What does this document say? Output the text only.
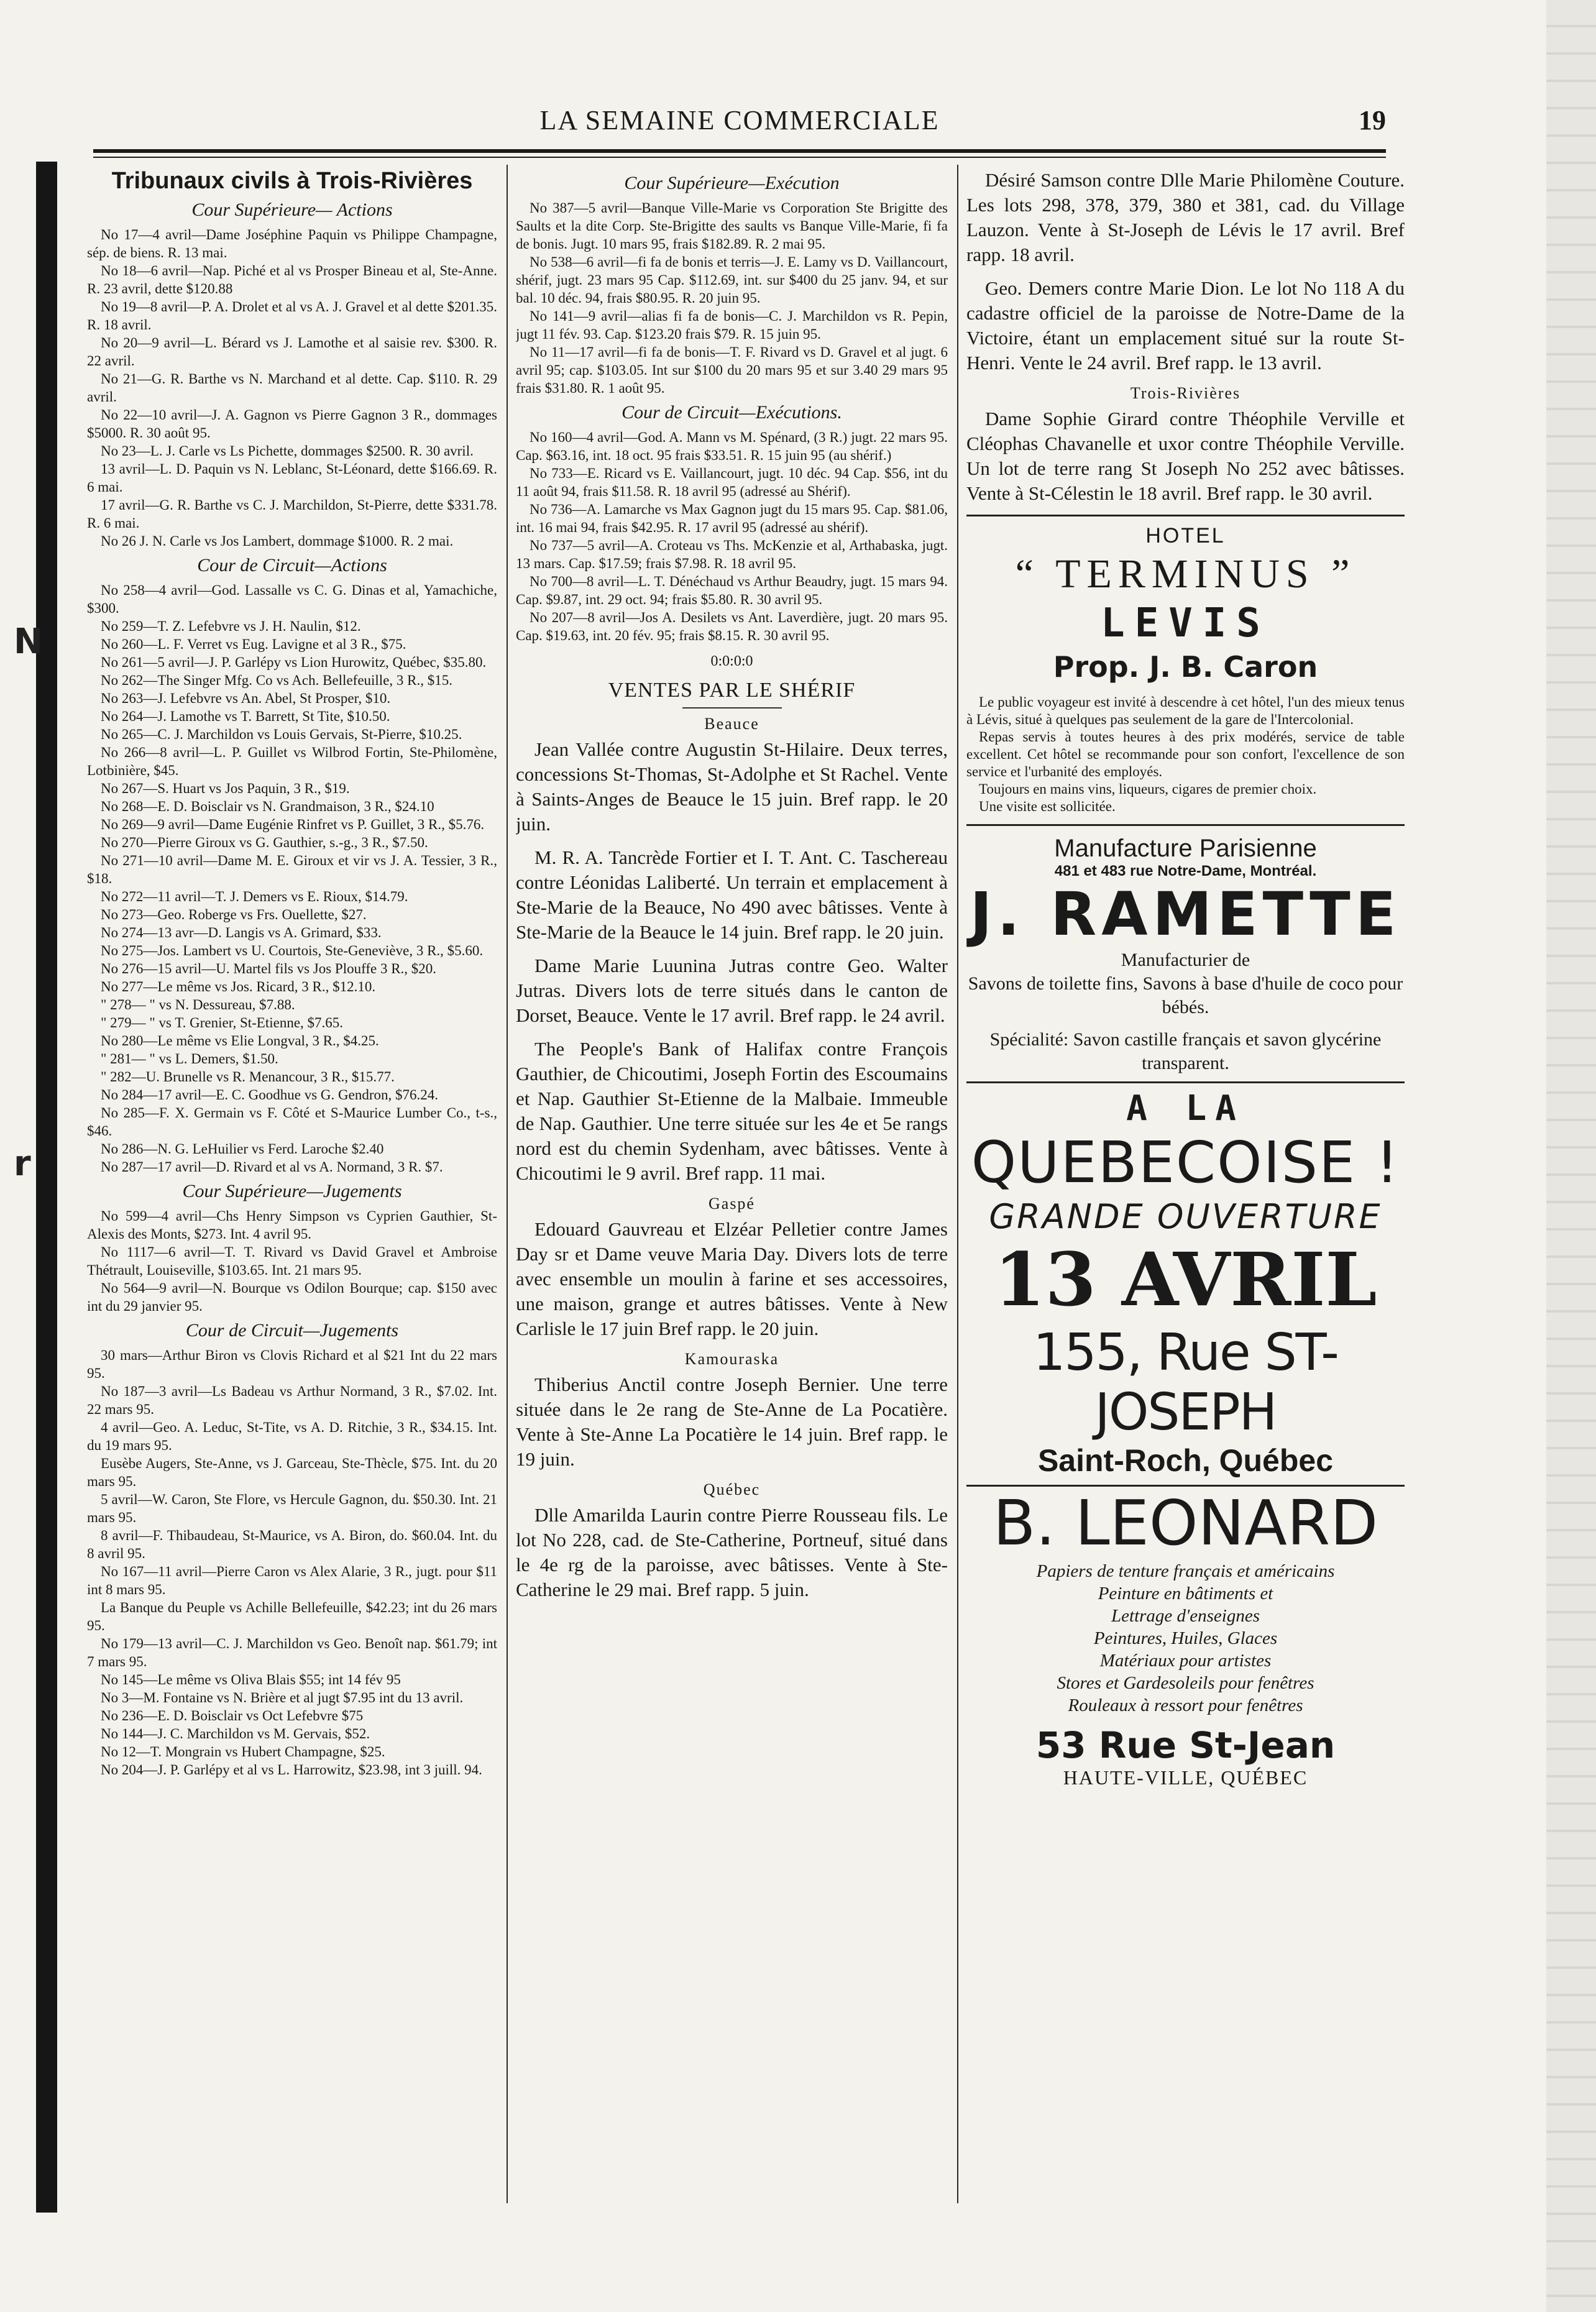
N
r
LA SEMAINE COMMERCIALE	19
Tribunaux civils à Trois-Rivières
Cour Supérieure— Actions
No 17—4 avril—Dame Joséphine Paquin vs Philippe Champagne, sép. de biens. R. 13 mai.
No 18—6 avril—Nap. Piché et al vs Prosper Bineau et al, Ste-Anne. R. 23 avril, dette $120.88
No 19—8 avril—P. A. Drolet et al vs A. J. Gravel et al dette $201.35. R. 18 avril.
No 20—9 avril—L. Bérard vs J. Lamothe et al saisie rev. $300. R. 22 avril.
No 21—G. R. Barthe vs N. Marchand et al dette. Cap. $110. R. 29 avril.
No 22—10 avril—J. A. Gagnon vs Pierre Gagnon 3 R., dommages $5000. R. 30 août 95.
No 23—L. J. Carle vs Ls Pichette, dommages $2500. R. 30 avril.
13 avril—L. D. Paquin vs N. Leblanc, St-Léonard, dette $166.69. R. 6 mai.
17 avril—G. R. Barthe vs C. J. Marchildon, St-Pierre, dette $331.78. R. 6 mai.
No 26 J. N. Carle vs Jos Lambert, dommage $1000. R. 2 mai.
Cour de Circuit—Actions
No 258—4 avril—God. Lassalle vs C. G. Dinas et al, Yamachiche, $300.
No 259—T. Z. Lefebvre vs J. H. Naulin, $12.
No 260—L. F. Verret vs Eug. Lavigne et al 3 R., $75.
No 261—5 avril—J. P. Garlépy vs Lion Hurowitz, Québec, $35.80.
No 262—The Singer Mfg. Co vs Ach. Bellefeuille, 3 R., $15.
No 263—J. Lefebvre vs An. Abel, St Prosper, $10.
No 264—J. Lamothe vs T. Barrett, St Tite, $10.50.
No 265—C. J. Marchildon vs Louis Gervais, St-Pierre, $10.25.
No 266—8 avril—L. P. Guillet vs Wilbrod Fortin, Ste-Philomène, Lotbinière, $45.
No 267—S. Huart vs Jos Paquin, 3 R., $19.
No 268—E. D. Boisclair vs N. Grandmaison, 3 R., $24.10
No 269—9 avril—Dame Eugénie Rinfret vs P. Guillet, 3 R., $5.76.
No 270—Pierre Giroux vs G. Gauthier, s.-g., 3 R., $7.50.
No 271—10 avril—Dame M. E. Giroux et vir vs J. A. Tessier, 3 R., $18.
No 272—11 avril—T. J. Demers vs E. Rioux, $14.79.
No 273—Geo. Roberge vs Frs. Ouellette, $27.
No 274—13 avr—D. Langis vs A. Grimard, $33.
No 275—Jos. Lambert vs U. Courtois, Ste-Geneviève, 3 R., $5.60.
No 276—15 avril—U. Martel fils vs Jos Plouffe 3 R., $20.
No 277—Le même vs Jos. Ricard, 3 R., $12.10.
" 278— " vs N. Dessureau, $7.88.
" 279— " vs T. Grenier, St-Etienne, $7.65.
No 280—Le même vs Elie Longval, 3 R., $4.25.
" 281— " vs L. Demers, $1.50.
" 282—U. Brunelle vs R. Menancour, 3 R., $15.77.
No 284—17 avril—E. C. Goodhue vs G. Gendron, $76.24.
No 285—F. X. Germain vs F. Côté et S-Maurice Lumber Co., t-s., $46.
No 286—N. G. LeHuilier vs Ferd. Laroche $2.40
No 287—17 avril—D. Rivard et al vs A. Normand, 3 R. $7.
Cour Supérieure—Jugements
No 599—4 avril—Chs Henry Simpson vs Cyprien Gauthier, St-Alexis des Monts, $273. Int. 4 avril 95.
No 1117—6 avril—T. T. Rivard vs David Gravel et Ambroise Thétrault, Louiseville, $103.65. Int. 21 mars 95.
No 564—9 avril—N. Bourque vs Odilon Bourque; cap. $150 avec int du 29 janvier 95.
Cour de Circuit—Jugements
30 mars—Arthur Biron vs Clovis Richard et al $21 Int du 22 mars 95.
No 187—3 avril—Ls Badeau vs Arthur Normand, 3 R., $7.02. Int. 22 mars 95.
4 avril—Geo. A. Leduc, St-Tite, vs A. D. Ritchie, 3 R., $34.15. Int. du 19 mars 95.
Eusèbe Augers, Ste-Anne, vs J. Garceau, Ste-Thècle, $75. Int. du 20 mars 95.
5 avril—W. Caron, Ste Flore, vs Hercule Gagnon, du. $50.30. Int. 21 mars 95.
8 avril—F. Thibaudeau, St-Maurice, vs A. Biron, do. $60.04. Int. du 8 avril 95.
No 167—11 avril—Pierre Caron vs Alex Alarie, 3 R., jugt. pour $11 int 8 mars 95.
La Banque du Peuple vs Achille Bellefeuille, $42.23; int du 26 mars 95.
No 179—13 avril—C. J. Marchildon vs Geo. Benoît nap. $61.79; int 7 mars 95.
No 145—Le même vs Oliva Blais $55; int 14 fév 95
No 3—M. Fontaine vs N. Brière et al jugt $7.95 int du 13 avril.
No 236—E. D. Boisclair vs Oct Lefebvre $75
No 144—J. C. Marchildon vs M. Gervais, $52.
No 12—T. Mongrain vs Hubert Champagne, $25.
No 204—J. P. Garlépy et al vs L. Harrowitz, $23.98, int 3 juill. 94.
Cour Supérieure—Exécution
No 387—5 avril—Banque Ville-Marie vs Corporation Ste Brigitte des Saults et la dite Corp. Ste-Brigitte des saults vs Banque Ville-Marie, fi fa de bonis. Jugt. 10 mars 95, frais $182.89. R. 2 mai 95.
No 538—6 avril—fi fa de bonis et terris—J. E. Lamy vs D. Vaillancourt, shérif, jugt. 23 mars 95 Cap. $112.69, int. sur $400 du 25 janv. 94, et sur bal. 10 déc. 94, frais $80.95. R. 20 juin 95.
No 141—9 avril—alias fi fa de bonis—C. J. Marchildon vs R. Pepin, jugt 11 fév. 93. Cap. $123.20 frais $79. R. 15 juin 95.
No 11—17 avril—fi fa de bonis—T. F. Rivard vs D. Gravel et al jugt. 6 avril 95; cap. $103.05. Int sur $100 du 20 mars 95 et sur 3.40 29 mars 95 frais $31.80. R. 1 août 95.
Cour de Circuit—Exécutions.
No 160—4 avril—God. A. Mann vs M. Spénard, (3 R.) jugt. 22 mars 95. Cap. $63.16, int. 18 oct. 95 frais $33.51. R. 15 juin 95 (au shérif.)
No 733—E. Ricard vs E. Vaillancourt, jugt. 10 déc. 94 Cap. $56, int du 11 août 94, frais $11.58. R. 18 avril 95 (adressé au Shérif).
No 736—A. Lamarche vs Max Gagnon jugt du 15 mars 95. Cap. $81.06, int. 16 mai 94, frais $42.95. R. 17 avril 95 (adressé au shérif).
No 737—5 avril—A. Croteau vs Ths. McKenzie et al, Arthabaska, jugt. 13 mars. Cap. $17.59; frais $7.98. R. 18 avril 95.
No 700—8 avril—L. T. Dénéchaud vs Arthur Beaudry, jugt. 15 mars 94. Cap. $9.87, int. 29 oct. 94; frais $5.80. R. 30 avril 95.
No 207—8 avril—Jos A. Desilets vs Ant. Laverdière, jugt. 20 mars 95. Cap. $19.63, int. 20 fév. 95; frais $8.15. R. 30 avril 95.
0:0:0:0
VENTES PAR LE SHÉRIF
Beauce

Jean Vallée contre Augustin St-Hilaire. Deux terres, concessions St-Thomas, St-Adolphe et St Rachel. Vente à Saints-Anges de Beauce le 15 juin. Bref rapp. le 20 juin.

M. R. A. Tancrède Fortier et I. T. Ant. C. Taschereau contre Léonidas Laliberté. Un terrain et emplacement à Ste-Marie de la Beauce, No 490 avec bâtisses. Vente à Ste-Marie de la Beauce le 14 juin. Bref rapp. le 20 juin.

Dame Marie Luunina Jutras contre Geo. Walter Jutras. Divers lots de terre situés dans le canton de Dorset, Beauce. Vente le 17 avril. Bref rapp. le 24 avril.

The People's Bank of Halifax contre François Gauthier, de Chicoutimi, Joseph Fortin des Escoumains et Nap. Gauthier St-Etienne de la Malbaie. Immeuble de Nap. Gauthier. Une terre située sur les 4e et 5e rangs nord est du chemin Sydenham, avec bâtisses. Vente à Chicoutimi le 9 avril. Bref rapp. 11 mai.

Gaspé

Edouard Gauvreau et Elzéar Pelletier contre James Day sr et Dame veuve Maria Day. Divers lots de terre avec ensemble un moulin à farine et ses accessoires, une maison, grange et autres bâtisses. Vente à New Carlisle le 17 juin Bref rapp. le 20 juin.

Kamouraska

Thiberius Anctil contre Joseph Bernier. Une terre située dans le 2e rang de Ste-Anne de La Pocatière. Vente à Ste-Anne La Pocatière le 14 juin. Bref rapp. le 19 juin.

Québec

Dlle Amarilda Laurin contre Pierre Rousseau fils. Le lot No 228, cad. de Ste-Catherine, Portneuf, situé dans le 4e rg de la paroisse, avec bâtisses. Vente à Ste-Catherine le 29 mai. Bref rapp. 5 juin.

Désiré Samson contre Dlle Marie Philomène Couture. Les lots 298, 378, 379, 380 et 381, cad. du Village Lauzon. Vente à St-Joseph de Lévis le 17 avril. Bref rapp. 18 avril.

Geo. Demers contre Marie Dion. Le lot No 118 A du cadastre officiel de la paroisse de Notre-Dame de la Victoire, étant un emplacement situé sur la route St-Henri. Vente le 24 avril. Bref rapp. le 13 avril.

Trois-Rivières

Dame Sophie Girard contre Théophile Verville et Cléophas Chavanelle et uxor contre Théophile Verville. Un lot de terre rang St Joseph No 252 avec bâtisses. Vente à St-Célestin le 18 avril. Bref rapp. le 30 avril.

HOTEL
“ TERMINUS ”
LEVIS
Prop. J. B. Caron

Le public voyageur est invité à descendre à cet hôtel, l'un des mieux tenus à Lévis, situé à quelques pas seulement de la gare de l'Intercolonial.

Repas servis à toutes heures à des prix modérés, service de table excellent. Cet hôtel se recommande pour son confort, l'excellence de son service et l'urbanité des employés.

Toujours en mains vins, liqueurs, cigares de premier choix.

Une visite est sollicitée.

Manufacture Parisienne
481 et 483 rue Notre-Dame, Montréal.
J. RAMETTE
Manufacturier de
Savons de toilette fins, Savons à base d'huile de coco pour bébés.
Spécialité: Savon castille français et savon glycérine transparent.
A LA
QUEBECOISE !
GRANDE OUVERTURE
13 AVRIL
155, Rue ST-JOSEPH
Saint-Roch, Québec
B. LEONARD
Papiers de tenture français et américains
Peinture en bâtiments et
Lettrage d'enseignes
Peintures, Huiles, Glaces
Matériaux pour artistes
Stores et Gardesoleils pour fenêtres
Rouleaux à ressort pour fenêtres
53 Rue St-Jean
HAUTE-VILLE, QUÉBEC
